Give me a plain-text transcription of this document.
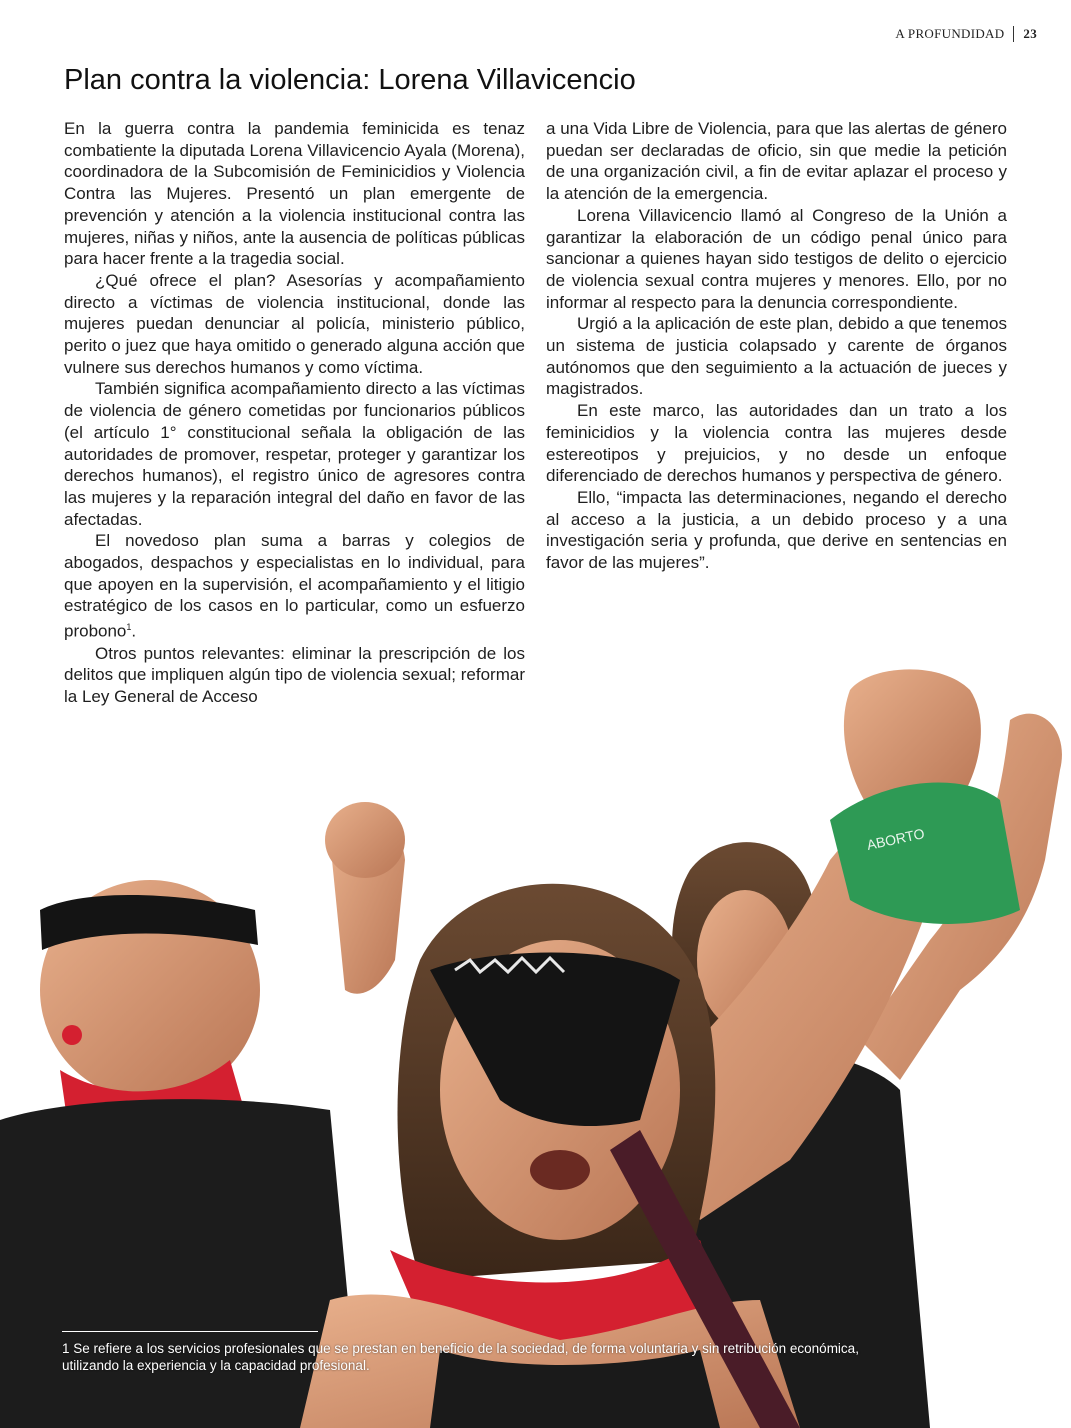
A PROFUNDIDAD 23
Plan contra la violencia: Lorena Villavicencio

En la guerra contra la pandemia feminicida es tenaz combatiente la diputada Lorena Villavicencio Ayala (Morena), coordinadora de la Subcomisión de Feminicidios y Violencia Contra las Mujeres. Presentó un plan emergente de prevención y atención a la violencia institucional contra las mujeres, niñas y niños, ante la ausencia de políticas públicas para hacer frente a la tragedia social.

¿Qué ofrece el plan? Asesorías y acompañamiento directo a víctimas de violencia institucional, donde las mujeres puedan denunciar al policía, ministerio público, perito o juez que haya omitido o generado alguna acción que vulnere sus derechos humanos y como víctima.

También significa acompañamiento directo a las víctimas de violencia de género cometidas por funcionarios públicos (el artículo 1° constitucional señala la obligación de las autoridades de promover, respetar, proteger y garantizar los derechos humanos), el registro único de agresores contra las mujeres y la reparación integral del daño en favor de las afectadas.

El novedoso plan suma a barras y colegios de abogados, despachos y especialistas en lo individual, para que apoyen en la supervisión, el acompañamiento y el litigio estratégico de los casos en lo particular, como un esfuerzo probono$^1$.

Otros puntos relevantes: eliminar la prescripción de los delitos que impliquen algún tipo de violencia sexual; reformar la Ley General de Acceso

a una Vida Libre de Violencia, para que las alertas de género puedan ser declaradas de oficio, sin que medie la petición de una organización civil, a fin de evitar aplazar el proceso y la atención de la emergencia.

Lorena Villavicencio llamó al Congreso de la Unión a garantizar la elaboración de un código penal único para sancionar a quienes hayan sido testigos de delito o ejercicio de violencia sexual contra mujeres y menores. Ello, por no informar al respecto para la denuncia correspondiente.

Urgió a la aplicación de este plan, debido a que tenemos un sistema de justicia colapsado y carente de órganos autónomos que den seguimiento a la actuación de jueces y magistrados.

En este marco, las autoridades dan un trato a los feminicidios y la violencia contra las mujeres desde estereotipos y prejuicios, y no desde un enfoque diferenciado de derechos humanos y perspectiva de género.

Ello, “impacta las determinaciones, negando el derecho al acceso a la justicia, a un debido proceso y a una investigación seria y profunda, que derive en sentencias en favor de las mujeres”.

ABORTO

1 Se refiere a los servicios profesionales que se prestan en beneficio de la sociedad, de forma voluntaria y sin retribución económica, utilizando la experiencia y la capacidad profesional.
